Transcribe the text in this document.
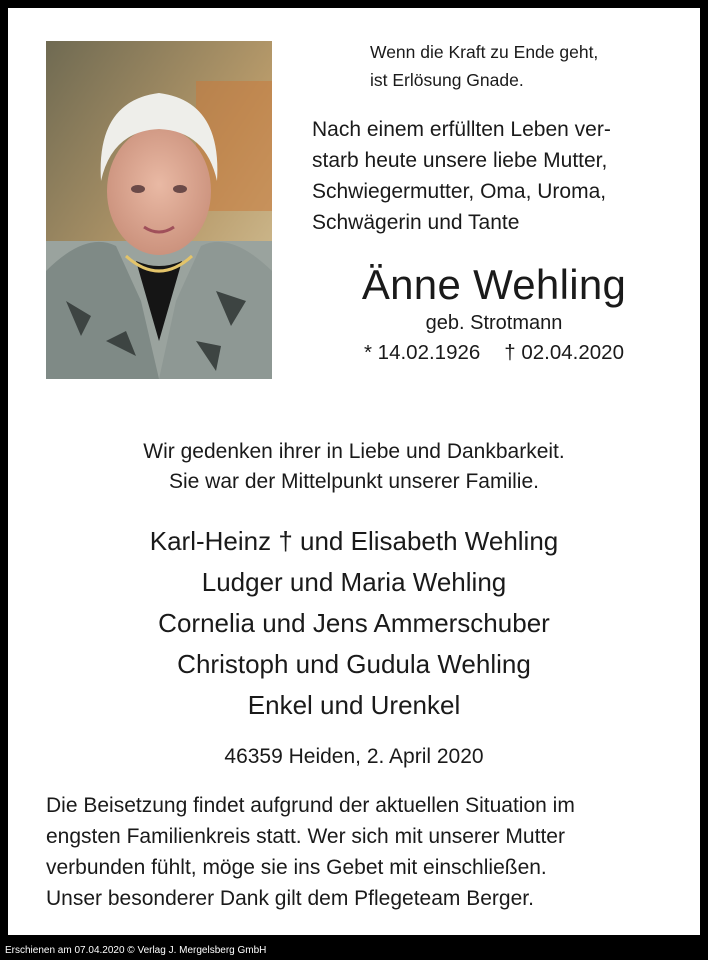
Wenn die Kraft zu Ende geht,
ist Erlösung Gnade.
Nach einem erfüllten Leben ver-
starb heute unsere liebe Mutter,
Schwiegermutter, Oma, Uroma,
Schwägerin und Tante
Änne Wehling
geb. Strotmann
* 14.02.1926 † 02.04.2020
Wir gedenken ihrer in Liebe und Dankbarkeit.
Sie war der Mittelpunkt unserer Familie.
Karl-Heinz † und Elisabeth Wehling
Ludger und Maria Wehling
Cornelia und Jens Ammerschuber
Christoph und Gudula Wehling
Enkel und Urenkel
46359 Heiden, 2. April 2020
Die Beisetzung findet aufgrund der aktuellen Situation im
engsten Familienkreis statt. Wer sich mit unserer Mutter
verbunden fühlt, möge sie ins Gebet mit einschließen.
Unser besonderer Dank gilt dem Pflegeteam Berger.
Erschienen am 07.04.2020 © Verlag J. Mergelsberg GmbH
